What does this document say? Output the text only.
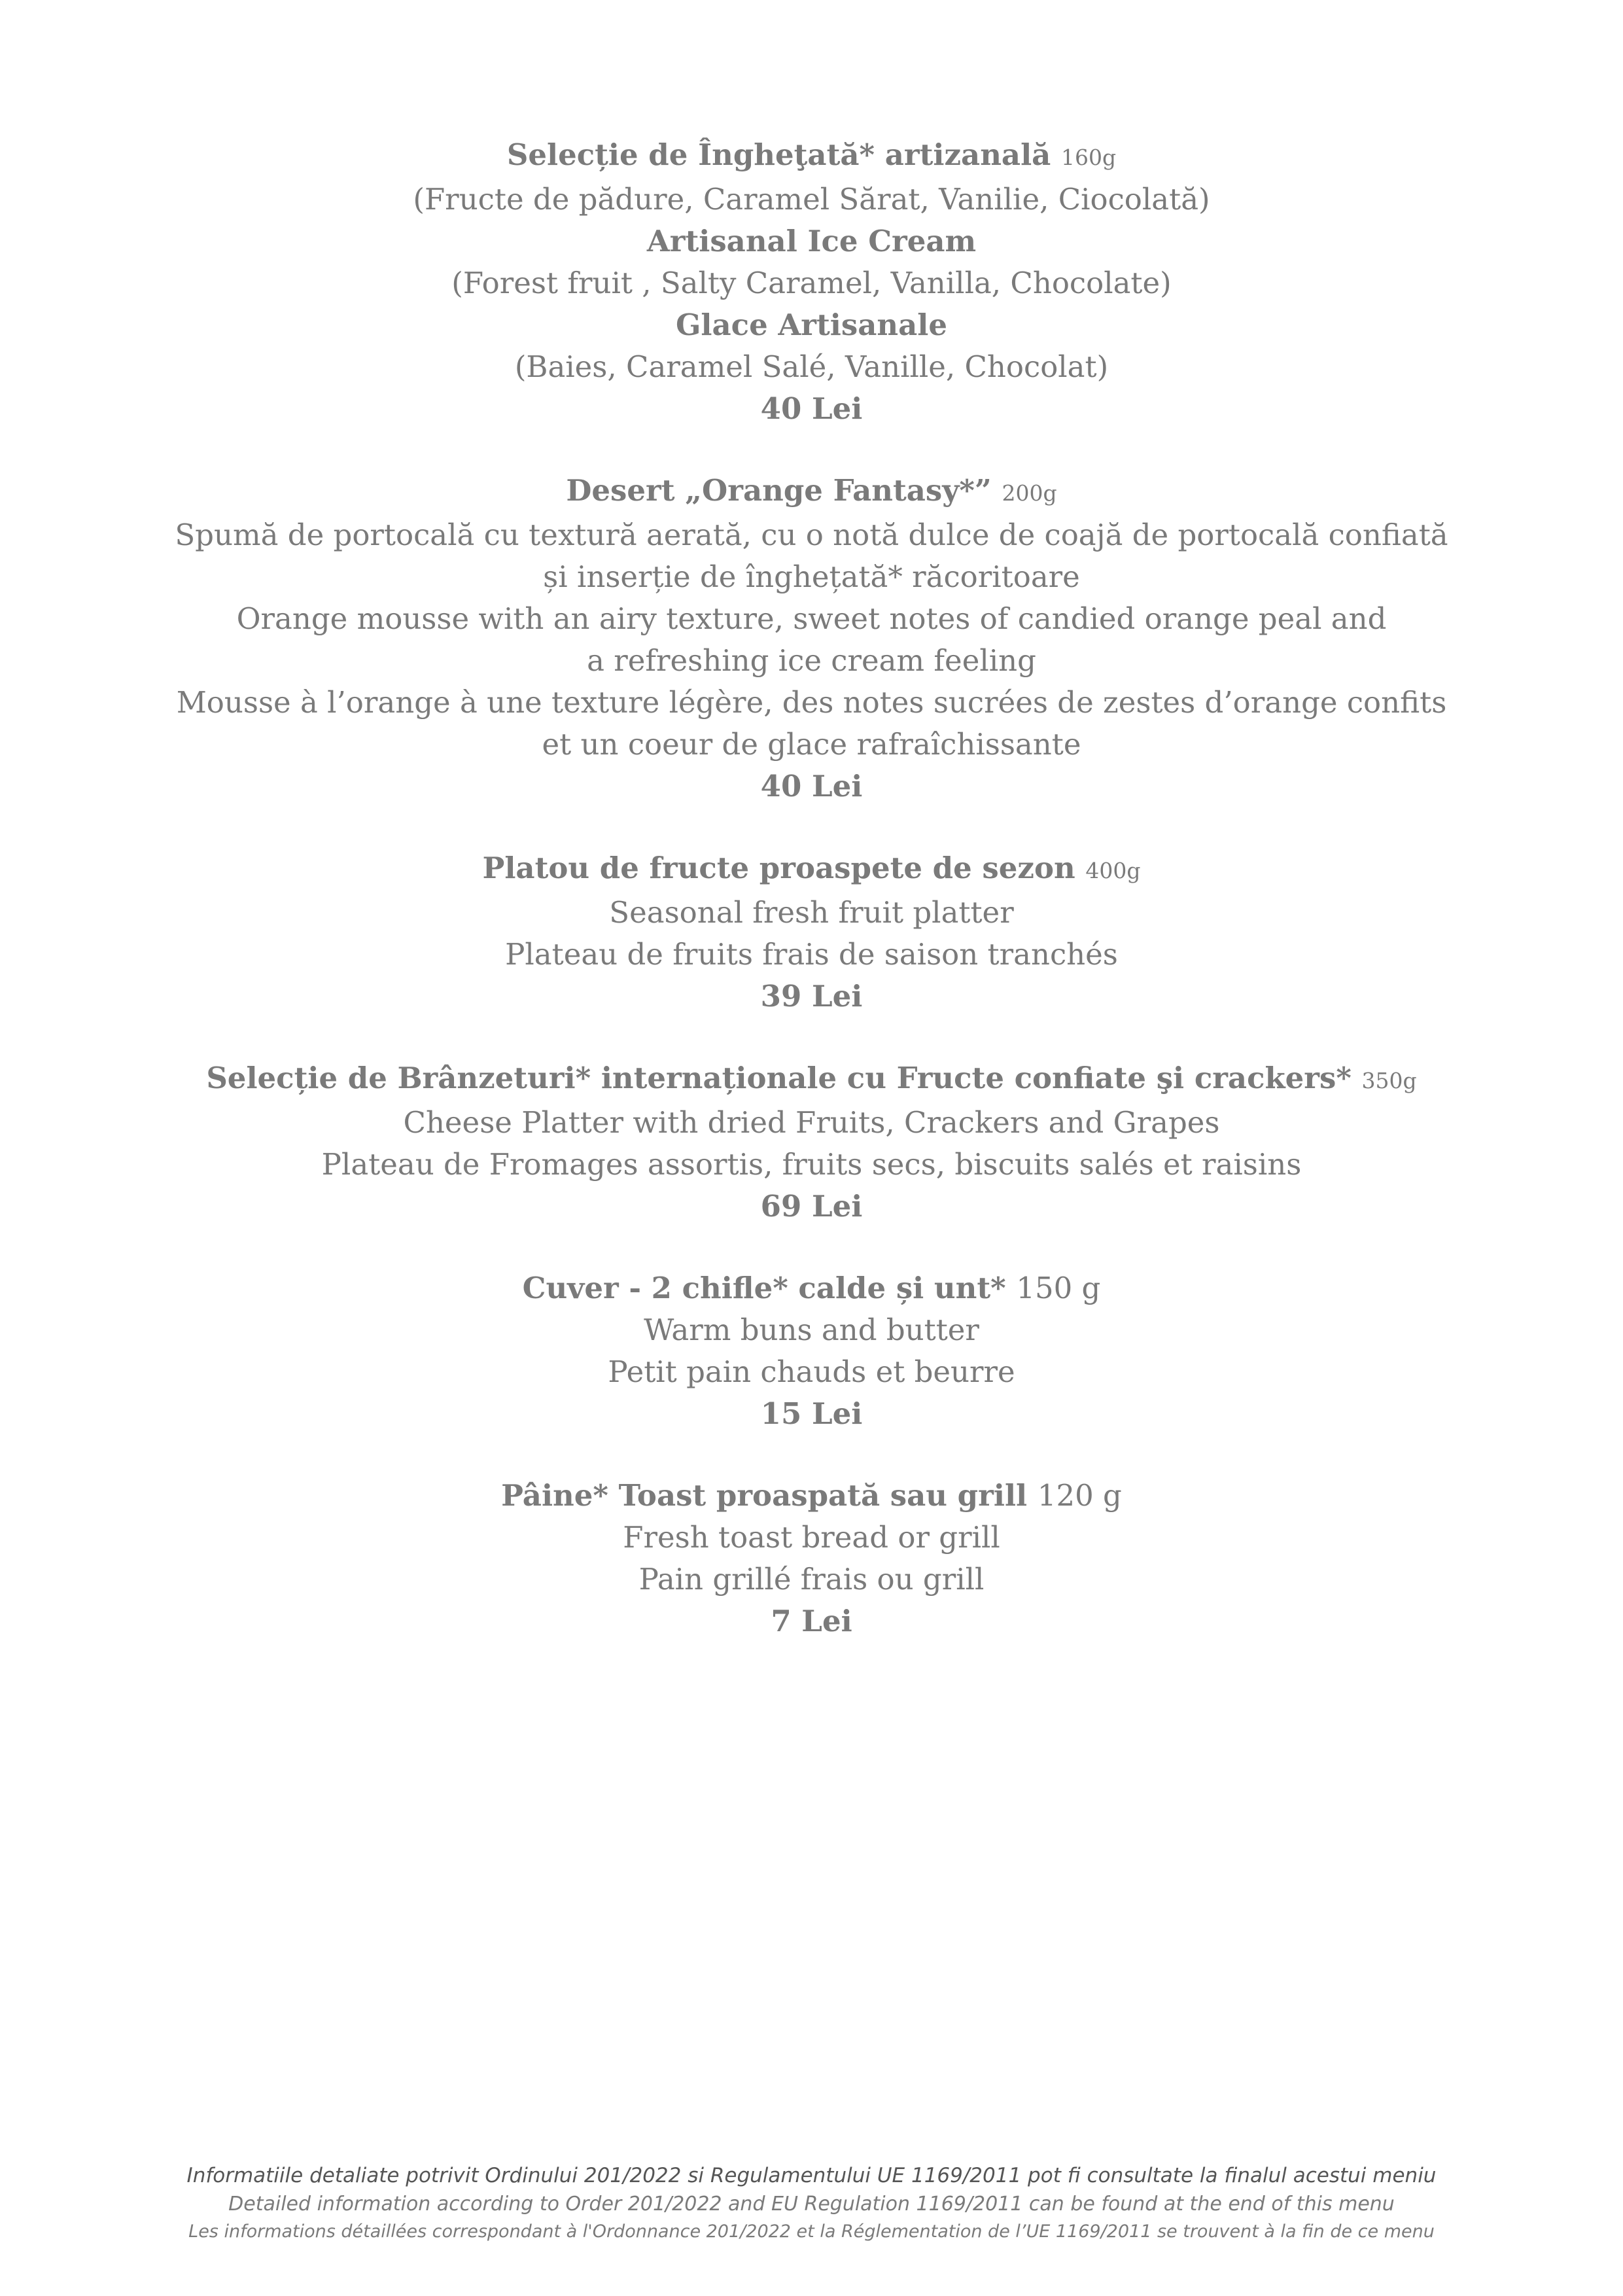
Selecție de Îngheţată* artizanală 160g
(Fructe de pădure, Caramel Sărat, Vanilie, Ciocolată)
Artisanal Ice Cream
(Forest fruit , Salty Caramel, Vanilla, Chocolate)
Glace Artisanale
(Baies, Caramel Salé, Vanille, Chocolat)
40 Lei
Desert „Orange Fantasy*” 200g
Spumă de portocală cu textură aerată, cu o notă dulce de coajă de portocală confiată
și inserție de înghețată* răcoritoare
Orange mousse with an airy texture, sweet notes of candied orange peal and
a refreshing ice cream feeling
Mousse à l’orange à une texture légère, des notes sucrées de zestes d’orange confits
et un coeur de glace rafraîchissante
40 Lei
Platou de fructe proaspete de sezon 400g
Seasonal fresh fruit platter
Plateau de fruits frais de saison tranchés
39 Lei
Selecție de Brânzeturi* internaționale cu Fructe confiate şi crackers* 350g
Cheese Platter with dried Fruits, Crackers and Grapes
Plateau de Fromages assortis, fruits secs, biscuits salés et raisins
69 Lei
Cuver - 2 chifle* calde și unt* 150 g
Warm buns and butter
Petit pain chauds et beurre
15 Lei
Pâine* Toast proaspată sau grill 120 g
Fresh toast bread or grill
Pain grillé frais ou grill
7 Lei
Informatiile detaliate potrivit Ordinului 201/2022 si Regulamentului UE 1169/2011 pot fi consultate la finalul acestui meniu
Detailed information according to Order 201/2022 and EU Regulation 1169/2011 can be found at the end of this menu
Les informations détaillées correspondant à l'Ordonnance 201/2022 et la Réglementation de l’UE 1169/2011 se trouvent à la fin de ce menu
